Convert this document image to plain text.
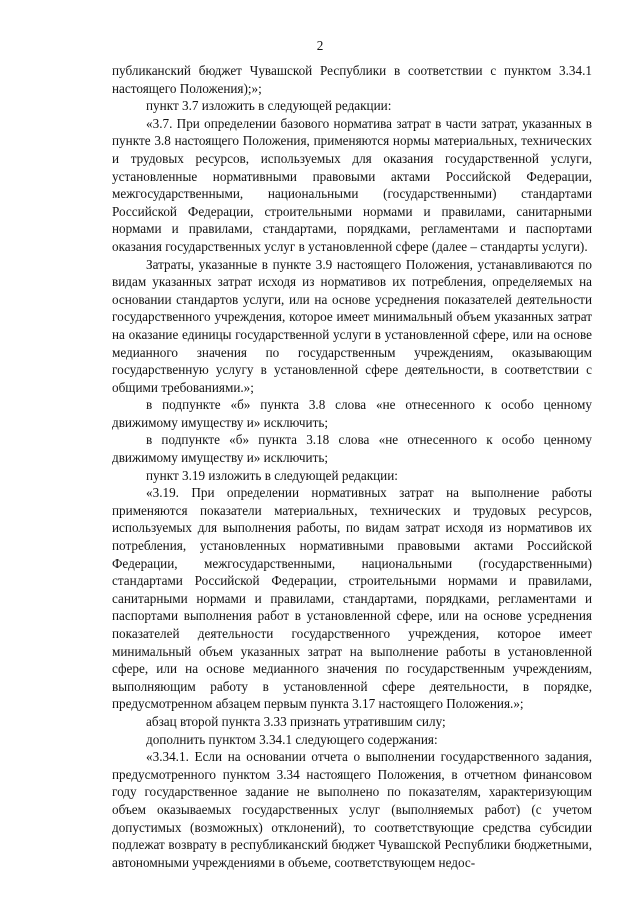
2

публиканский бюджет Чувашской Республики в соответствии с пунктом 3.34.1 настоящего Положения);»;

пункт 3.7 изложить в следующей редакции:

«3.7. При определении базового норматива затрат в части затрат, указанных в пункте 3.8 настоящего Положения, применяются нормы материальных, технических и трудовых ресурсов, используемых для оказания государственной услуги, установленные нормативными правовыми актами Российской Федерации, межгосударственными, национальными (государственными) стандартами Российской Федерации, строительными нормами и правилами, санитарными нормами и правилами, стандартами, порядками, регламентами и паспортами оказания государственных услуг в установленной сфере (далее – стандарты услуги).

Затраты, указанные в пункте 3.9 настоящего Положения, устанавливаются по видам указанных затрат исходя из нормативов их потребления, определяемых на основании стандартов услуги, или на основе усреднения показателей деятельности государственного учреждения, которое имеет минимальный объем указанных затрат на оказание единицы государственной услуги в установленной сфере, или на основе медианного значения по государственным учреждениям, оказывающим государственную услугу в установленной сфере деятельности, в соответствии с общими требованиями.»;

в подпункте «б» пункта 3.8 слова «не отнесенного к особо ценному движимому имуществу и» исключить;

в подпункте «б» пункта 3.18 слова «не отнесенного к особо ценному движимому имуществу и» исключить;

пункт 3.19 изложить в следующей редакции:

«3.19. При определении нормативных затрат на выполнение работы применяются показатели материальных, технических и трудовых ресурсов, используемых для выполнения работы, по видам затрат исходя из нормативов их потребления, установленных нормативными правовыми актами Российской Федерации, межгосударственными, национальными (государственными) стандартами Российской Федерации, строительными нормами и правилами, санитарными нормами и правилами, стандартами, порядками, регламентами и паспортами выполнения работ в установленной сфере, или на основе усреднения показателей деятельности государственного учреждения, которое имеет минимальный объем указанных затрат на выполнение работы в установленной сфере, или на основе медианного значения по государственным учреждениям, выполняющим работу в установленной сфере деятельности, в порядке, предусмотренном абзацем первым пункта 3.17 настоящего Положения.»;

абзац второй пункта 3.33 признать утратившим силу;

дополнить пунктом 3.34.1 следующего содержания:

«3.34.1. Если на основании отчета о выполнении государственного задания, предусмотренного пунктом 3.34 настоящего Положения, в отчетном финансовом году государственное задание не выполнено по показателям, характеризующим объем оказываемых государственных услуг (выполняемых работ) (с учетом допустимых (возможных) отклонений), то соответствующие средства субсидии подлежат возврату в республиканский бюджет Чувашской Республики бюджетными, автономными учреждениями в объеме, соответствующем недос-
